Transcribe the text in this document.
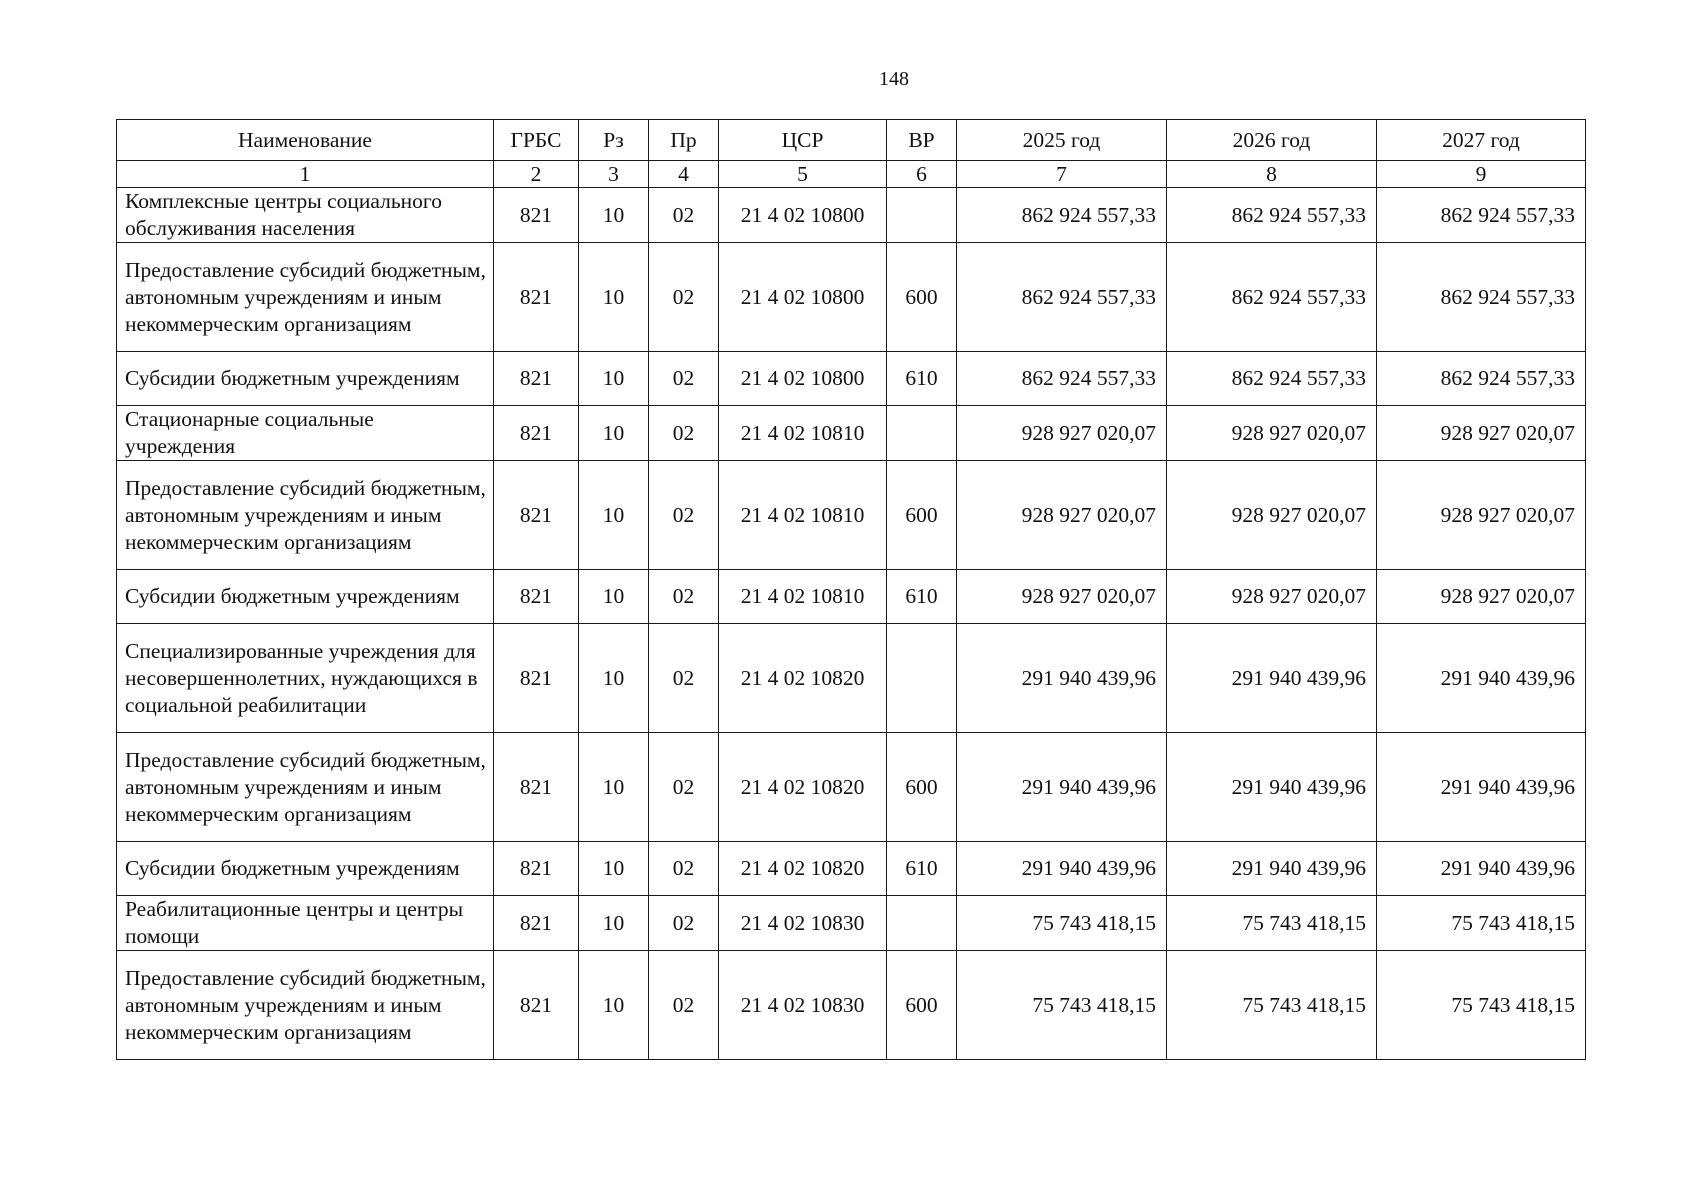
148
Наименование	ГРБС	Рз	Пр	ЦСР	ВР	2025 год	2026 год	2027 год
1	2	3	4	5	6	7	8	9
Комплексные центры социального обслуживания населения	821	10	02	21 4 02 10800		862 924 557,33	862 924 557,33	862 924 557,33
Предоставление субсидий бюджетным, автономным учреждениям и иным некоммерческим организациям	821	10	02	21 4 02 10800	600	862 924 557,33	862 924 557,33	862 924 557,33
Субсидии бюджетным учреждениям	821	10	02	21 4 02 10800	610	862 924 557,33	862 924 557,33	862 924 557,33
Стационарные социальные учреждения	821	10	02	21 4 02 10810		928 927 020,07	928 927 020,07	928 927 020,07
Предоставление субсидий бюджетным, автономным учреждениям и иным некоммерческим организациям	821	10	02	21 4 02 10810	600	928 927 020,07	928 927 020,07	928 927 020,07
Субсидии бюджетным учреждениям	821	10	02	21 4 02 10810	610	928 927 020,07	928 927 020,07	928 927 020,07
Специализированные учреждения для несовершеннолетних, нуждающихся в социальной реабилитации	821	10	02	21 4 02 10820		291 940 439,96	291 940 439,96	291 940 439,96
Предоставление субсидий бюджетным, автономным учреждениям и иным некоммерческим организациям	821	10	02	21 4 02 10820	600	291 940 439,96	291 940 439,96	291 940 439,96
Субсидии бюджетным учреждениям	821	10	02	21 4 02 10820	610	291 940 439,96	291 940 439,96	291 940 439,96
Реабилитационные центры и центры помощи	821	10	02	21 4 02 10830		75 743 418,15	75 743 418,15	75 743 418,15
Предоставление субсидий бюджетным, автономным учреждениям и иным некоммерческим организациям	821	10	02	21 4 02 10830	600	75 743 418,15	75 743 418,15	75 743 418,15
